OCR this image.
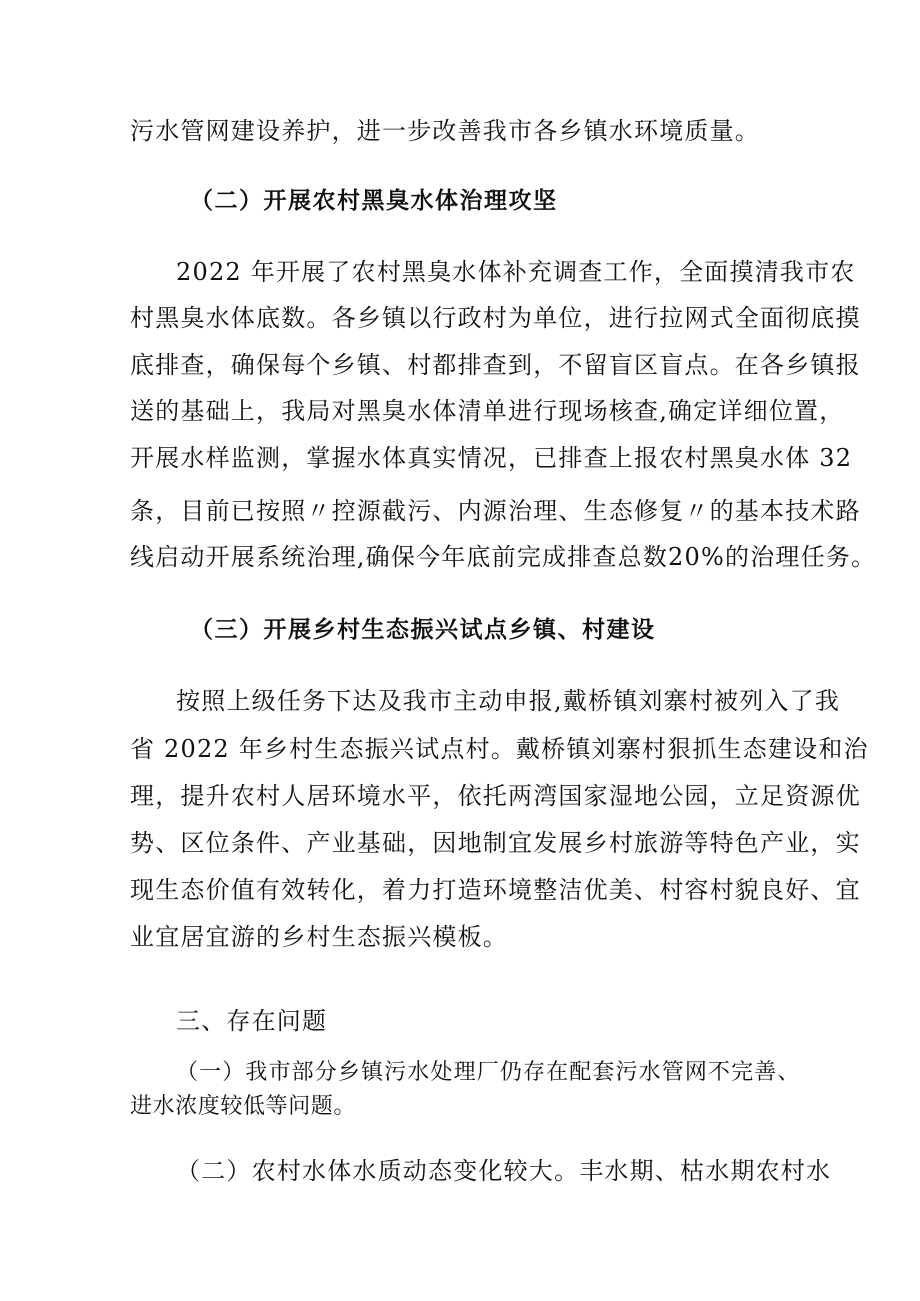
污水管网建设养护，进一步改善我市各乡镇水环境质量。
（二）开展农村黑臭水体治理攻坚
2022 年开展了农村黑臭水体补充调查工作，全面摸清我市农
村黑臭水体底数。各乡镇以行政村为单位，进行拉网式全面彻底摸
底排查，确保每个乡镇、村都排查到，不留盲区盲点。在各乡镇报
送的基础上，我局对黑臭水体清单进行现场核查,确定详细位置，
开展水样监测，掌握水体真实情况，已排查上报农村黑臭水体 32
条，目前已按照〃控源截污、内源治理、生态修复〃的基本技术路
线启动开展系统治理,确保今年底前完成排查总数20%的治理任务。
（三）开展乡村生态振兴试点乡镇、村建设
按照上级任务下达及我市主动申报,戴桥镇刘寨村被列入了我
省 2022 年乡村生态振兴试点村。戴桥镇刘寨村狠抓生态建设和治
理，提升农村人居环境水平，依托两湾国家湿地公园，立足资源优
势、区位条件、产业基础，因地制宜发展乡村旅游等特色产业，实
现生态价值有效转化，着力打造环境整洁优美、村容村貌良好、宜
业宜居宜游的乡村生态振兴模板。
三、存在问题
（一）我市部分乡镇污水处理厂仍存在配套污水管网不完善、
进水浓度较低等问题。
（二）农村水体水质动态变化较大。丰水期、枯水期农村水
